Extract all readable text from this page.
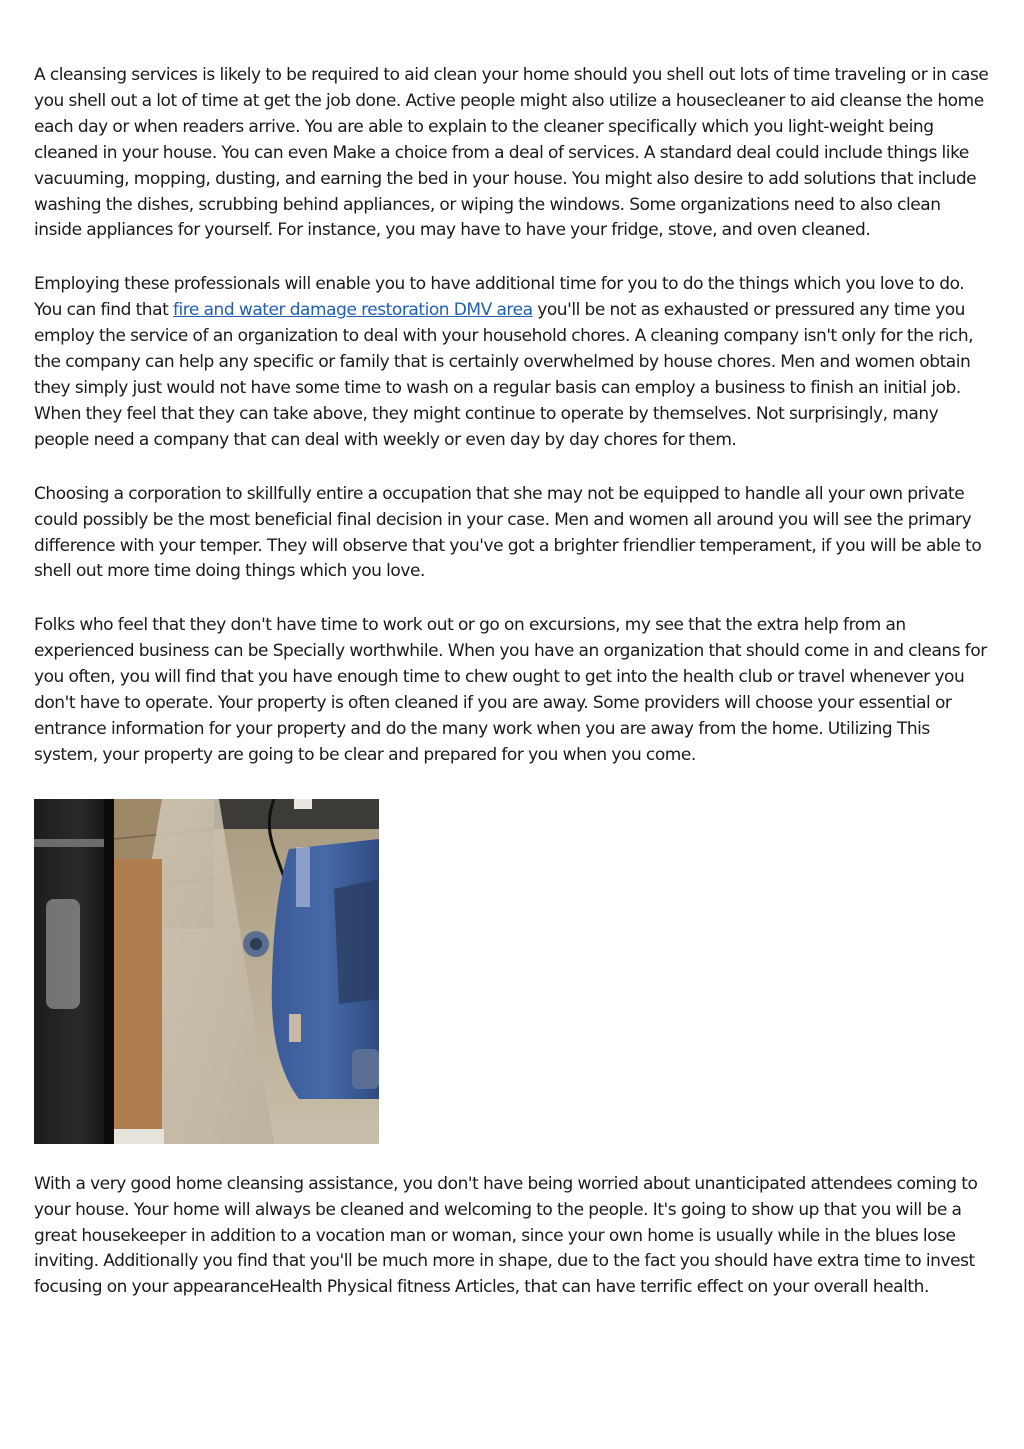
A cleansing services is likely to be required to aid clean your home should you shell out lots of time traveling or in case you shell out a lot of time at get the job done. Active people might also utilize a housecleaner to aid cleanse the home each day or when readers arrive. You are able to explain to the cleaner specifically which you light-weight being cleaned in your house. You can even Make a choice from a deal of services. A standard deal could include things like vacuuming, mopping, dusting, and earning the bed in your house. You might also desire to add solutions that include washing the dishes, scrubbing behind appliances, or wiping the windows. Some organizations need to also clean inside appliances for yourself. For instance, you may have to have your fridge, stove, and oven cleaned.

Employing these professionals will enable you to have additional time for you to do the things which you love to do. You can find that fire and water damage restoration DMV area you'll be not as exhausted or pressured any time you employ the service of an organization to deal with your household chores. A cleaning company isn't only for the rich, the company can help any specific or family that is certainly overwhelmed by house chores. Men and women obtain they simply just would not have some time to wash on a regular basis can employ a business to finish an initial job. When they feel that they can take above, they might continue to operate by themselves. Not surprisingly, many people need a company that can deal with weekly or even day by day chores for them.

Choosing a corporation to skillfully entire a occupation that she may not be equipped to handle all your own private could possibly be the most beneficial final decision in your case. Men and women all around you will see the primary difference with your temper. They will observe that you've got a brighter friendlier temperament, if you will be able to shell out more time doing things which you love.

Folks who feel that they don't have time to work out or go on excursions, my see that the extra help from an experienced business can be Specially worthwhile. When you have an organization that should come in and cleans for you often, you will find that you have enough time to chew ought to get into the health club or travel whenever you don't have to operate. Your property is often cleaned if you are away. Some providers will choose your essential or entrance information for your property and do the many work when you are away from the home. Utilizing This system, your property are going to be clear and prepared for you when you come.

With a very good home cleansing assistance, you don't have being worried about unanticipated attendees coming to your house. Your home will always be cleaned and welcoming to the people. It's going to show up that you will be a great housekeeper in addition to a vocation man or woman, since your own home is usually while in the blues lose inviting. Additionally you find that you'll be much more in shape, due to the fact you should have extra time to invest focusing on your appearanceHealth Physical fitness Articles, that can have terrific effect on your overall health.
